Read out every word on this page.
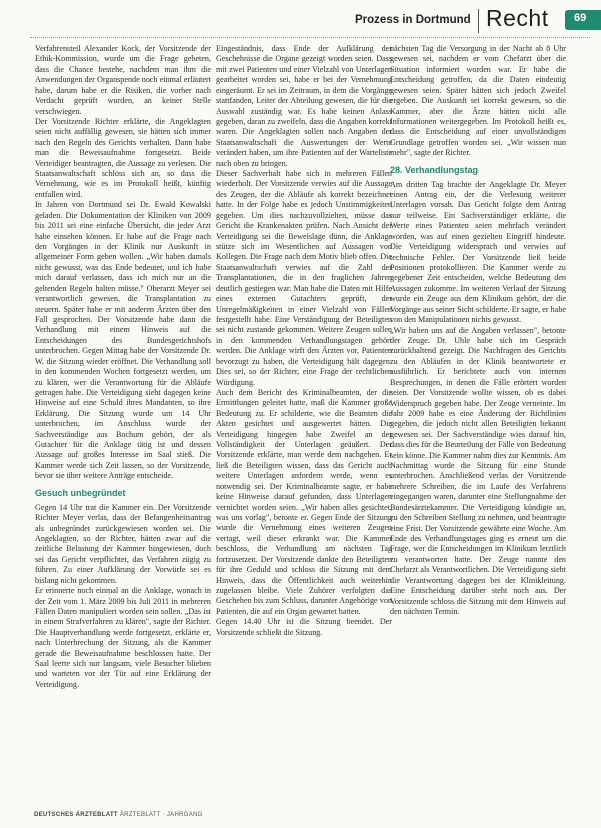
Prozess in Dortmund Recht 69

Verfahrensteil Alexander Kock, der Vorsitzende der Ethik-Kommission, wurde um die Frage gebeten, dass die Chance bestehe, nachdem man ihm die Anwendungen der Organspende noch einmal erläutert habe, darum habe er die Risiken, die vorher nach Verdacht geprüft wurden, an keiner Stelle verschwiegen.

Der Vorsitzende Richter erklärte, die Angeklagten seien nicht auffällig gewesen, sie hätten sich immer nach den Regeln des Gerichts verhalten. Dann habe man die Beweisaufnahme fortgesetzt. Beide Verteidiger beantragten, die Aussage zu verlesen. Die Staatsanwaltschaft schloss sich an, so dass die Vernehmung, wie es im Protokoll heißt, künftig entfallen wird.

In Jahren von Dortmund sei Dr. Ewald Kowalski geladen. Die Dokumentation der Kliniken von 2009 bis 2011 sei eine einfache Übersicht, die jeder Arzt habe einsehen können. Er habe auf die Frage nach den Vorgängen in der Klinik nur Auskunft in allgemeiner Form geben wollen. „Wir haben damals nicht gewusst, was das Ende bedeutet, und ich habe mich darauf verlassen, dass ich mich nur an die geltenden Regeln halten müsse." Oberarzt Meyer sei verantwortlich gewesen, die Transplantation zu steuern. Später habe er mit anderen Ärzten über den Fall gesprochen. Der Vorsitzende habe dann die Verhandlung mit einem Hinweis auf die Entscheidungen des Bundesgerichtshofs unterbrochen. Gegen Mittag habe der Vorsitzende Dr. W. die Sitzung wieder eröffnet. Die Verhandlung soll in den kommenden Wochen fortgesetzt werden, um zu klären, wer die Verantwortung für die Abläufe getragen habe. Die Verteidigung sieht dagegen keine Hinweise auf eine Schuld ihres Mandanten, so ihre Erklärung. Die Sitzung wurde um 14 Uhr unterbrochen, im Anschluss wurde der Sachverständige aus Bochum gehört, der als Gutachter für die Anklage tätig ist und dessen Aussage auf großes Interesse im Saal stieß. Die Kammer werde sich Zeit lassen, so der Vorsitzende, bevor sie über weitere Anträge entscheide.

Gesuch unbegründet

Gegen 14 Uhr trat die Kammer ein. Der Vorsitzende Richter Meyer verlas, dass der Befangenheitsantrag als unbegründet zurückgewiesen worden sei. Die Angeklagten, so der Richter, hätten zwar auf die zeitliche Belastung der Kammer hingewiesen, doch sei das Gericht verpflichtet, das Verfahren zügig zu führen. Zu einer Aufklärung der Vorwürfe sei es bislang nicht gekommen.

Er erinnerte noch einmal an die Anklage, wonach in der Zeit vom 1. März 2009 bis Juli 2011 in mehreren Fällen Daten manipuliert worden sein sollen. „Das ist in einem Strafverfahren zu klären", sagte der Richter. Die Hauptverhandlung werde fortgesetzt, erklärte er, nach Unterbrechung der Sitzung, als die Kammer gerade die Beweisaufnahme beschlossen hatte. Der Saal leerte sich nur langsam, viele Besucher blieben und warteten vor der Tür auf eine Erklärung der Verteidigung.

Eingeständnis, dass Ende der Aufklärung der Geschehnisse die Organe gezeigt worden seien. Dass mit zwei Patienten und einer Vielzahl von Unterlagen gearbeitet worden sei, habe er bei der Vernehmung eingeräumt. Er sei im Zeitraum, in dem die Vorgänge stattfanden, Leiter der Abteilung gewesen, die für die Auswahl zuständig war. Es habe keinen Anlass gegeben, daran zu zweifeln, dass die Angaben korrekt waren. Die Angeklagten sollen nach Angaben der Staatsanwaltschaft die Auswertungen der Werte verändert haben, um ihre Patienten auf der Warteliste nach oben zu bringen.

Dieser Sachverhalt habe sich in mehreren Fällen wiederholt. Der Vorsitzende verwies auf die Aussage des Zeugen, der die Abläufe als korrekt bezeichnet hatte. In der Folge habe es jedoch Unstimmigkeiten gegeben. Um dies nachzuvollziehen, müsse das Gericht die Krankenakten prüfen. Nach Ansicht der Verteidigung sei die Beweislage dünn, die Anklage stütze sich im Wesentlichen auf Aussagen von Kollegen. Die Frage nach dem Motiv blieb offen. Die Staatsanwaltschaft verwies auf die Zahl der Transplantationen, die in den fraglichen Jahren deutlich gestiegen war. Man habe die Daten mit Hilfe eines externen Gutachters geprüft, der Unregelmäßigkeiten in einer Vielzahl von Fällen festgestellt habe. Eine Verständigung der Beteiligten sei nicht zustande gekommen. Weitere Zeugen sollen in den kommenden Verhandlungstagen gehört werden. Die Anklage wirft den Ärzten vor, Patienten bevorzugt zu haben, die Verteidigung hält dagegen. Dies sei, so der Richter, eine Frage der rechtlichen Würdigung.

Auch dem Bericht des Kriminalbeamten, der die Ermittlungen geleitet hatte, maß die Kammer große Bedeutung zu. Er schilderte, wie die Beamten die Akten gesichtet und ausgewertet hätten. Die Verteidigung hingegen habe Zweifel an der Vollständigkeit der Unterlagen geäußert. Der Vorsitzende erklärte, man werde dem nachgehen. Er ließ die Beteiligten wissen, dass das Gericht auch weitere Unterlagen anfordern werde, wenn es notwendig sei. Der Kriminalbeamte sagte, er habe keine Hinweise darauf gefunden, dass Unterlagen vernichtet worden seien. „Wir haben alles gesichtet, was uns vorlag", betonte er. Gegen Ende der Sitzung wurde die Vernehmung eines weiteren Zeugen vertagt, weil dieser erkrankt war. Die Kammer beschloss, die Verhandlung am nächsten Tag fortzusetzen. Der Vorsitzende dankte den Beteiligten für ihre Geduld und schloss die Sitzung mit dem Hinweis, dass die Öffentlichkeit auch weiterhin zugelassen bleibe. Viele Zuhörer verfolgten das Geschehen bis zum Schluss, darunter Angehörige von Patienten, die auf ein Organ gewartet hatten.

Gegen 14.40 Uhr ist die Sitzung beendet. Der Vorsitzende schließt die Sitzung.

nächsten Tag die Versorgung in der Nacht ab 8 Uhr gewesen sei, nachdem er vom Chefarzt über die Situation informiert worden war. Er habe die Entscheidung getroffen, da die Daten eindeutig gewesen seien. Später hätten sich jedoch Zweifel ergeben. Die Auskunft sei korrekt gewesen, so die Kammer, aber die Ärzte hätten nicht alle Informationen weitergegeben. Im Protokoll heißt es, dass die Entscheidung auf einer unvollständigen Grundlage getroffen worden sei. „Wir wissen nun mehr", sagte der Richter.

28. Verhandlungstag

Am dritten Tag brachte der Angeklagte Dr. Meyer einen Antrag ein, der die Verlesung weiterer Unterlagen vorsah. Das Gericht folgte dem Antrag nur teilweise. Ein Sachverständiger erklärte, die Werte eines Patienten seien mehrfach verändert worden, was auf einen gezielten Eingriff hindeute. Die Verteidigung widersprach und verwies auf technische Fehler. Der Vorsitzende ließ beide Positionen protokollieren. Die Kammer werde zu gegebener Zeit entscheiden, welche Bedeutung den Aussagen zukomme. Im weiteren Verlauf der Sitzung wurde ein Zeuge aus dem Klinikum gehört, der die Vorgänge aus seiner Sicht schilderte. Er sagte, er habe von den Manipulationen nichts gewusst.

„Wir haben uns auf die Angaben verlassen", betonte der Zeuge. Dr. Uhle habe sich im Gespräch zurückhaltend gezeigt. Die Nachfragen des Gerichts zu den Abläufen in der Klinik beantwortete er ausführlich. Er berichtete auch von internen Besprechungen, in denen die Fälle erörtert worden seien. Der Vorsitzende wollte wissen, ob es dabei Widerspruch gegeben habe. Der Zeuge verneinte. Im Jahr 2009 habe es eine Änderung der Richtlinien gegeben, die jedoch nicht allen Beteiligten bekannt gewesen sei. Der Sachverständige wies darauf hin, dass dies für die Beurteilung der Fälle von Bedeutung sein könne. Die Kammer nahm dies zur Kenntnis. Am Nachmittag wurde die Sitzung für eine Stunde unterbrochen. Anschließend verlas der Vorsitzende mehrere Schreiben, die im Laufe des Verfahrens eingegangen waren, darunter eine Stellungnahme der Bundesärztekammer. Die Verteidigung kündigte an, zu den Schreiben Stellung zu nehmen, und beantragte eine Frist. Der Vorsitzende gewährte eine Woche. Am Ende des Verhandlungstages ging es erneut um die Frage, wer die Entscheidungen im Klinikum letztlich zu verantworten hatte. Der Zeuge nannte den Chefarzt als Verantwortlichen. Die Verteidigung sieht die Verantwortung dagegen bei der Klinikleitung. Eine Entscheidung darüber steht noch aus. Der Vorsitzende schloss die Sitzung mit dem Hinweis auf den nächsten Termin.

DEUTSCHES ÄRZTEBLATT ÄRZTEBLATT · JAHRGANG
